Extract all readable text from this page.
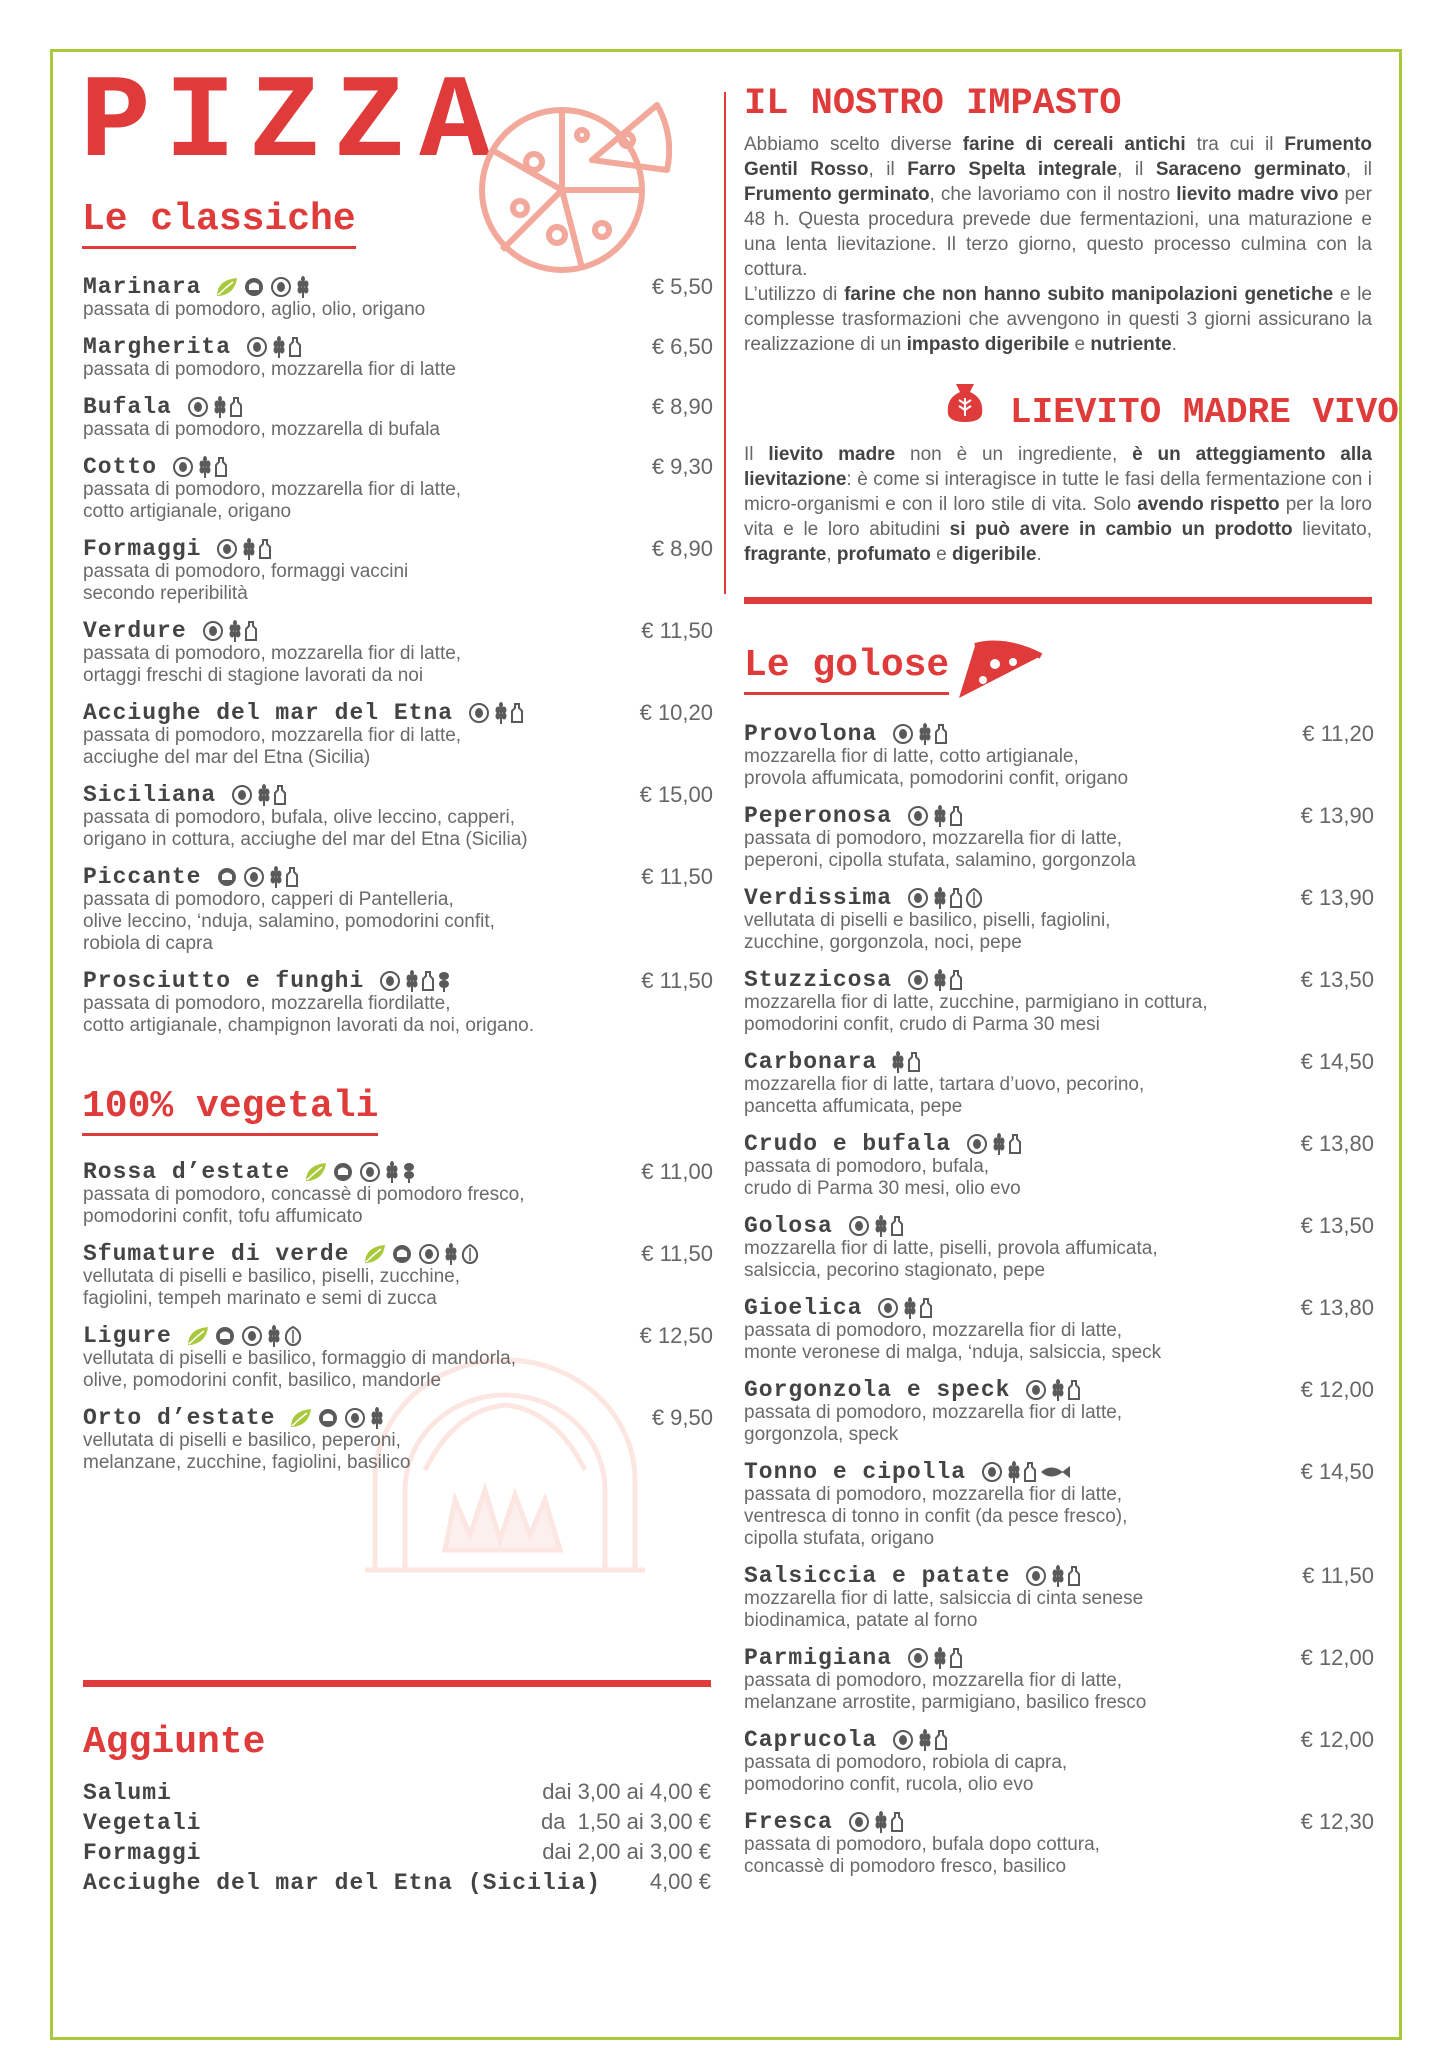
PIZZA
Le classiche
Marinara
passata di pomodoro, aglio, olio, origano
€ 5,50
Margherita
passata di pomodoro, mozzarella fior di latte
€ 6,50
Bufala
passata di pomodoro, mozzarella di bufala
€ 8,90
Cotto
passata di pomodoro, mozzarella fior di latte,
cotto artigianale, origano
€ 9,30
Formaggi
passata di pomodoro, formaggi vaccini
secondo reperibilità
€ 8,90
Verdure
passata di pomodoro, mozzarella fior di latte,
ortaggi freschi di stagione lavorati da noi
€ 11,50
Acciughe del mar del Etna
passata di pomodoro, mozzarella fior di latte,
acciughe del mar del Etna (Sicilia)
€ 10,20
Siciliana
passata di pomodoro, bufala, olive leccino, capperi,
origano in cottura, acciughe del mar del Etna (Sicilia)
€ 15,00
Piccante
passata di pomodoro, capperi di Pantelleria,
olive leccino, ‘nduja, salamino, pomodorini confit,
robiola di capra
€ 11,50
Prosciutto e funghi
passata di pomodoro, mozzarella fiordilatte,
cotto artigianale, champignon lavorati da noi, origano.
€ 11,50
100% vegetali
Rossa d’estate
passata di pomodoro, concassè di pomodoro fresco,
pomodorini confit, tofu affumicato
€ 11,00
Sfumature di verde
vellutata di piselli e basilico, piselli, zucchine,
fagiolini, tempeh marinato e semi di zucca
€ 11,50
Ligure
vellutata di piselli e basilico, formaggio di mandorla,
olive, pomodorini confit, basilico, mandorle
€ 12,50
Orto d’estate
vellutata di piselli e basilico, peperoni,
melanzane, zucchine, fagiolini, basilico
€ 9,50
Aggiunte
IL NOSTRO IMPASTO

Abbiamo scelto diverse farine di cereali antichi tra cui il Frumento Gentil Rosso, il Farro Spelta integrale, il Saraceno germinato, il Frumento germinato, che lavoriamo con il nostro lievito madre vivo per 48 h. Questa procedura prevede due fermentazioni, una maturazione e una lenta lievitazione. Il terzo giorno, questo processo culmina con la cottura.

L’utilizzo di farine che non hanno subito manipolazioni genetiche e le complesse trasformazioni che avvengono in questi 3 giorni assicurano la realizzazione di un impasto digeribile e nutriente.

LIEVITO MADRE VIVO

Il lievito madre non è un ingrediente, è un atteggiamento alla lievitazione: è come si interagisce in tutte le fasi della fermentazione con i micro-organismi e con il loro stile di vita. Solo avendo rispetto per la loro vita e le loro abitudini si può avere in cambio un prodotto lievitato, fragrante, profumato e digeribile.

Le golose
Provolona
mozzarella fior di latte, cotto artigianale,
provola affumicata, pomodorini confit, origano
€ 11,20
Peperonosa
passata di pomodoro, mozzarella fior di latte,
peperoni, cipolla stufata, salamino, gorgonzola
€ 13,90
Verdissima
vellutata di piselli e basilico, piselli, fagiolini,
zucchine, gorgonzola, noci, pepe
€ 13,90
Stuzzicosa
mozzarella fior di latte, zucchine, parmigiano in cottura,
pomodorini confit, crudo di Parma 30 mesi
€ 13,50
Carbonara
mozzarella fior di latte, tartara d’uovo, pecorino,
pancetta affumicata, pepe
€ 14,50
Crudo e bufala
passata di pomodoro, bufala,
crudo di Parma 30 mesi, olio evo
€ 13,80
Golosa
mozzarella fior di latte, piselli, provola affumicata,
salsiccia, pecorino stagionato, pepe
€ 13,50
Gioelica
passata di pomodoro, mozzarella fior di latte,
monte veronese di malga, ‘nduja, salsiccia, speck
€ 13,80
Gorgonzola e speck
passata di pomodoro, mozzarella fior di latte,
gorgonzola, speck
€ 12,00
Tonno e cipolla
passata di pomodoro, mozzarella fior di latte,
ventresca di tonno in confit (da pesce fresco),
cipolla stufata, origano
€ 14,50
Salsiccia e patate
mozzarella fior di latte, salsiccia di cinta senese
biodinamica, patate al forno
€ 11,50
Parmigiana
passata di pomodoro, mozzarella fior di latte,
melanzane arrostite, parmigiano, basilico fresco
€ 12,00
Caprucola
passata di pomodoro, robiola di capra,
pomodorino confit, rucola, olio evo
€ 12,00
Fresca
passata di pomodoro, bufala dopo cottura,
concassè di pomodoro fresco, basilico
€ 12,30
Salumi	dai 3,00 ai 4,00 €
Vegetali	da  1,50 ai 3,00 €
Formaggi	dai 2,00 ai 3,00 €
Acciughe del mar del Etna (Sicilia) 4,00 €
